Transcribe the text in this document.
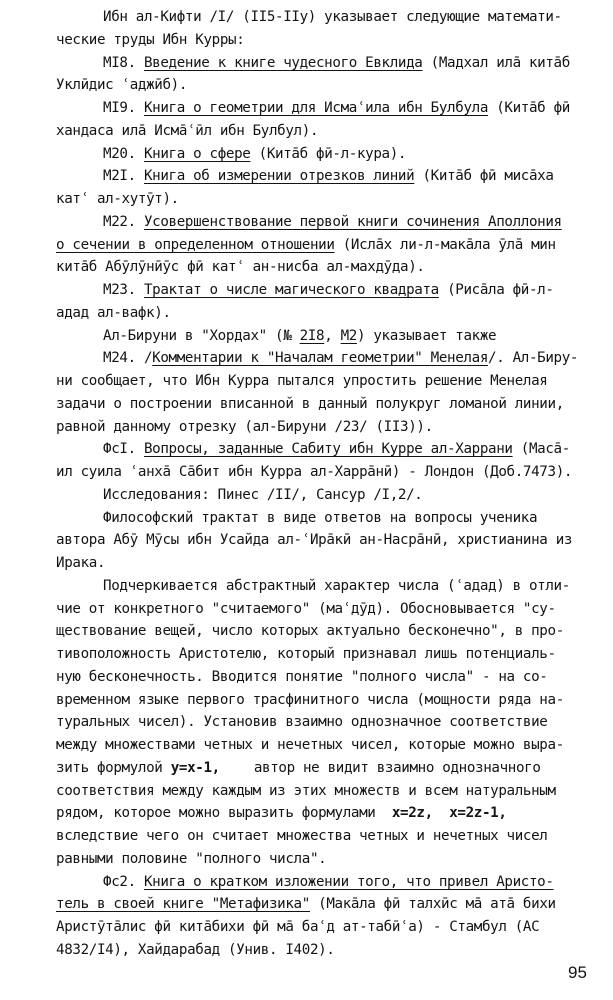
Ибн ал-Кифти /I/ (II5-IIу) указывает следующие математи-
ческие труды Ибн Курры:
MI8. Введение к книге чудесного Евклида (Мадхал ила̄ кита̄б
Уклӣдис ʿаджӣб).
MI9. Книга о геометрии для Исмаʿила ибн Булбула (Кита̄б фӣ
хандаса ила̄ Исма̄ʿӣл ибн Булбул).
M20. Книга о сфере (Кита̄б фӣ-л-кура).
M2I. Книга об измерении отрезков линий (Кита̄б фӣ миса̄ха
катʿ ал-хутӯт).
M22. Усовершенствование первой книги сочинения Аполлония
о сечении в определенном отношении (Исла̄х ли-л-мака̄ла ӯла̄ мин
кита̄б Абӯлӯнӣӯс фӣ катʿ ан-нисба ал-махдӯда).
M23. Трактат о числе магического квадрата (Риса̄ла фӣ-л-
адад ал-вафк).
Ал-Бируни в "Хордах" (№ 2I8, M2) указывает также
M24. /Комментарии к "Началам геометрии" Менелая/. Ал-Биру-
ни сообщает, что Ибн Курра пытался упростить решение Менелая
задачи о построении вписанной в данный полукруг ломаной линии,
равной данному отрезку (ал-Бируни /23/ (II3)).
ФсI. Вопросы, заданные Сабиту ибн Курре ал-Харрани (Маса̄-
ил суила ʿанха̄ Са̄бит ибн Курра ал-Харра̄нӣ) - Лондон (Доб.7473).
Исследования: Пинес /II/, Сансур /I,2/.
Философский трактат в виде ответов на вопросы ученика
автора Абӯ Мӯсы ибн Усайда ал-ʿИра̄кӣ ан-Насра̄нӣ, христианина из
Ирака.
Подчеркивается абстрактный характер числа (ʿадад) в отли-
чие от конкретного "считаемого" (маʿдӯд). Обосновывается "су-
ществование вещей, число которых актуально бесконечно", в про-
тивоположность Аристотелю, который признавал лишь потенциаль-
ную бесконечность. Вводится понятие "полного числа" - на со-
временном языке первого трасфинитного числа (мощности ряда на-
туральных чисел). Установив взаимно однозначное соответствие
между множествами четных и нечетных чисел, которые можно выра-
зить формулой y=x-1, автор не видит взаимно однозначного
соответствия между каждым из этих множеств и всем натуральным
рядом, которое можно выразить формулами  x=2z, x=2z-1,
вследствие чего он считает множества четных и нечетных чисел
равными половине "полного числа".
Фс2. Книга о кратком изложении того, что привел Аристо-
тель в своей книге "Метафизика" (Мака̄ла фӣ талхӣс ма̄ ата̄ бихи
Аристӯта̄лис фӣ кита̄бихи фӣ ма̄ баʿд ат-табӣʿа) - Стамбул (АС
4832/I4), Хайдарабад (Унив. I402).
95
